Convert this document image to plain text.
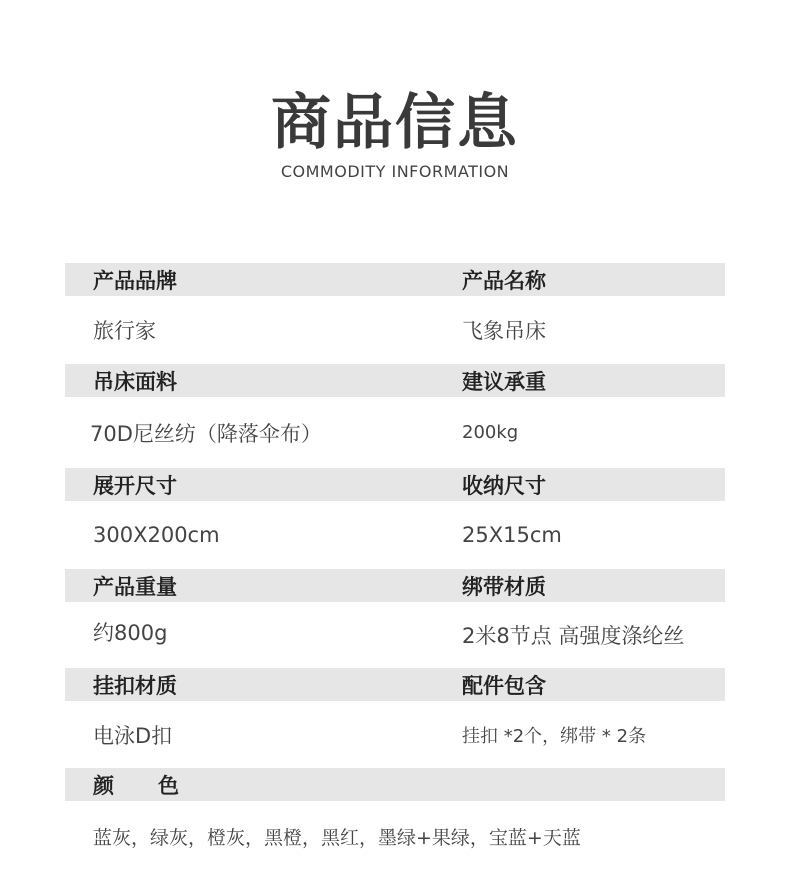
商品信息
COMMODITY INFORMATION
产品品牌	产品名称
旅行家	飞象吊床
吊床面料	建议承重
70D尼丝纺（降落伞布）	200kg
展开尺寸	收纳尺寸
300X200cm	25X15cm
产品重量	绑带材质
约800g	2米8节点 高强度涤纶丝
挂扣材质	配件包含
电泳D扣	挂扣 *2个，绑带 * 2条
颜色
蓝灰，绿灰，橙灰，黑橙，黑红，墨绿+果绿，宝蓝+天蓝
